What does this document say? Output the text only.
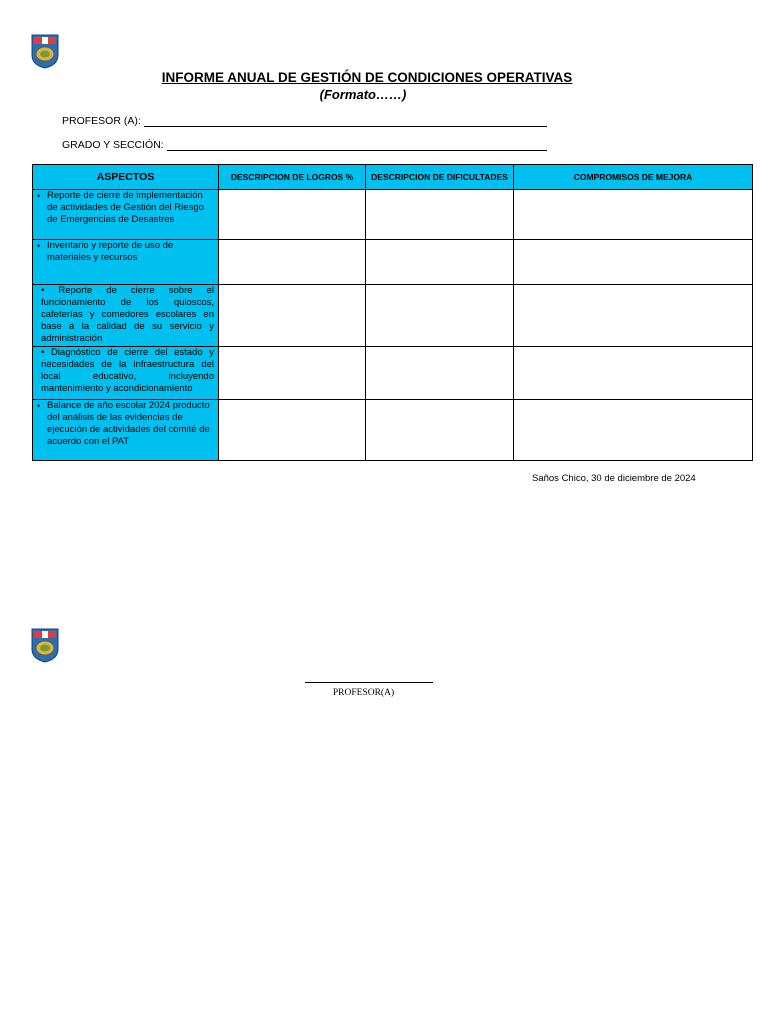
INFORME ANUAL DE GESTIÓN DE CONDICIONES OPERATIVAS
(Formato……)
PROFESOR (A):
GRADO Y SECCIÓN:
ASPECTOS	DESCRIPCION DE LOGROS %	DESCRIPCION DE DIFICULTADES	COMPROMISOS DE MEJORA

• Reporte de cierre de implementación de actividades de Gestión del Riesgo de Emergencias de Desastres			

• Inventario y reporte de uso de materiales y recursos			
• Reporte de cierre sobre el funcionamiento de los quioscos, cafeterías y comedores escolares en base a la calidad de su servicio y administración			
• Diagnóstico de cierre del estado y necesidades de la infraestructura del local educativo, incluyendo mantenimiento y acondicionamiento			

• Balance de año escolar 2024 producto del análisis de las evidencias de ejecución de actividades del comité de acuerdo con el PAT			
Saños Chico, 30 de diciembre de 2024
PROFESOR(A)
